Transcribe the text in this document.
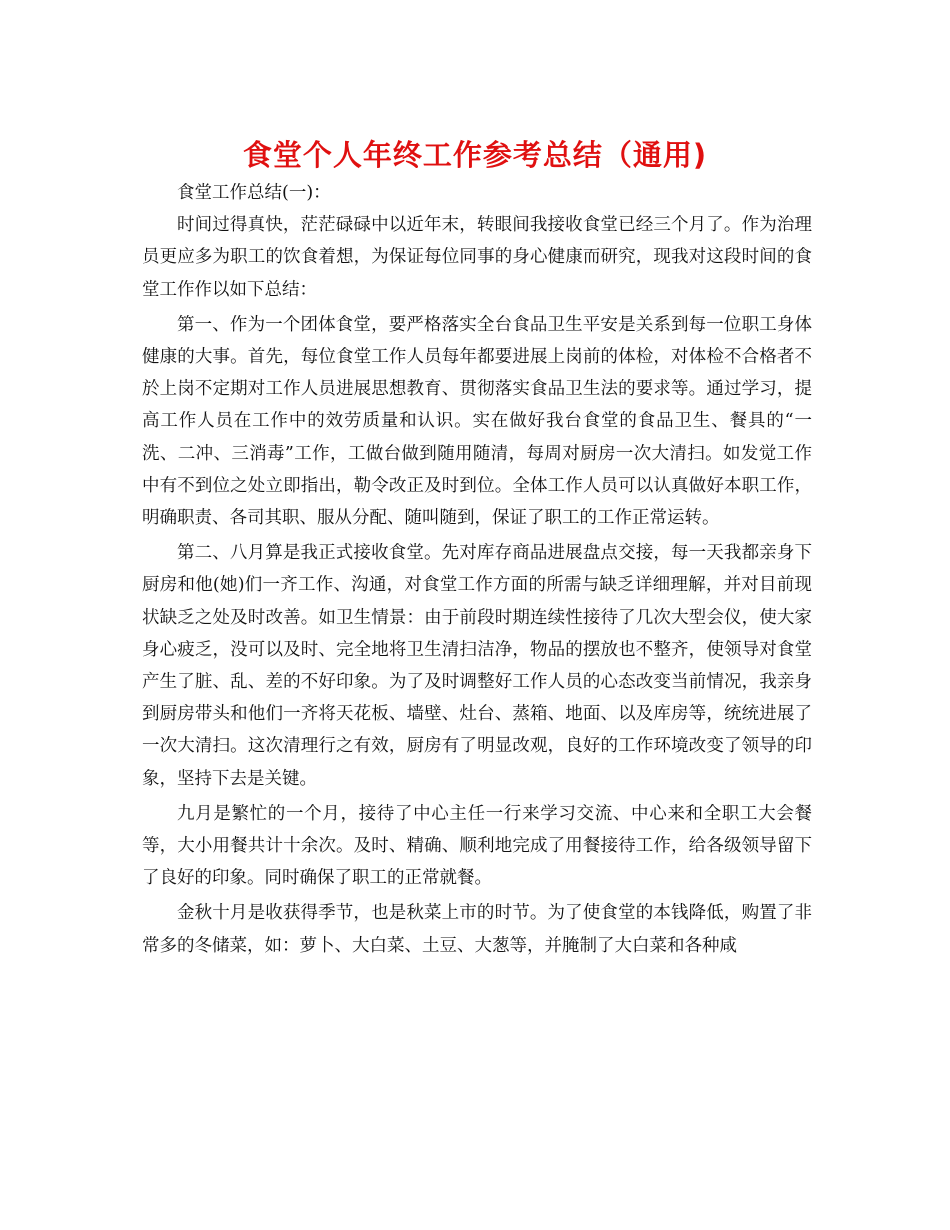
食堂个人年终工作参考总结（通用)

食堂工作总结(一)：

时间过得真快，茫茫碌碌中以近年末，转眼间我接收食堂已经三个月了。作为治理员更应多为职工的饮食着想，为保证每位同事的身心健康而研究，现我对这段时间的食堂工作作以如下总结：

第一、作为一个团体食堂，要严格落实全台食品卫生平安是关系到每一位职工身体健康的大事。首先，每位食堂工作人员每年都要进展上岗前的体检，对体检不合格者不於上岗不定期对工作人员进展思想教育、贯彻落实食品卫生法的要求等。通过学习，提高工作人员在工作中的效劳质量和认识。实在做好我台食堂的食品卫生、餐具的“一洗、二冲、三消毒”工作，工做台做到随用随清，每周对厨房一次大清扫。如发觉工作中有不到位之处立即指出，勒令改正及时到位。全体工作人员可以认真做好本职工作，明确职责、各司其职、服从分配、随叫随到，保证了职工的工作正常运转。

第二、八月算是我正式接收食堂。先对库存商品进展盘点交接，每一天我都亲身下厨房和他(她)们一齐工作、沟通，对食堂工作方面的所需与缺乏详细理解，并对目前现状缺乏之处及时改善。如卫生情景：由于前段时期连续性接待了几次大型会仪，使大家身心疲乏，没可以及时、完全地将卫生清扫洁净，物品的摆放也不整齐，使领导对食堂产生了脏、乱、差的不好印象。为了及时调整好工作人员的心态改变当前情况，我亲身到厨房带头和他们一齐将天花板、墙壁、灶台、蒸箱、地面、以及库房等，统统进展了一次大清扫。这次清理行之有效，厨房有了明显改观，良好的工作环境改变了领导的印象，坚持下去是关键。

九月是繁忙的一个月，接待了中心主任一行来学习交流、中心来和全职工大会餐等，大小用餐共计十余次。及时、精确、顺利地完成了用餐接待工作，给各级领导留下了良好的印象。同时确保了职工的正常就餐。

金秋十月是收获得季节，也是秋菜上市的时节。为了使食堂的本钱降低，购置了非常多的冬储菜，如：萝卜、大白菜、土豆、大葱等，并腌制了大白菜和各种咸
